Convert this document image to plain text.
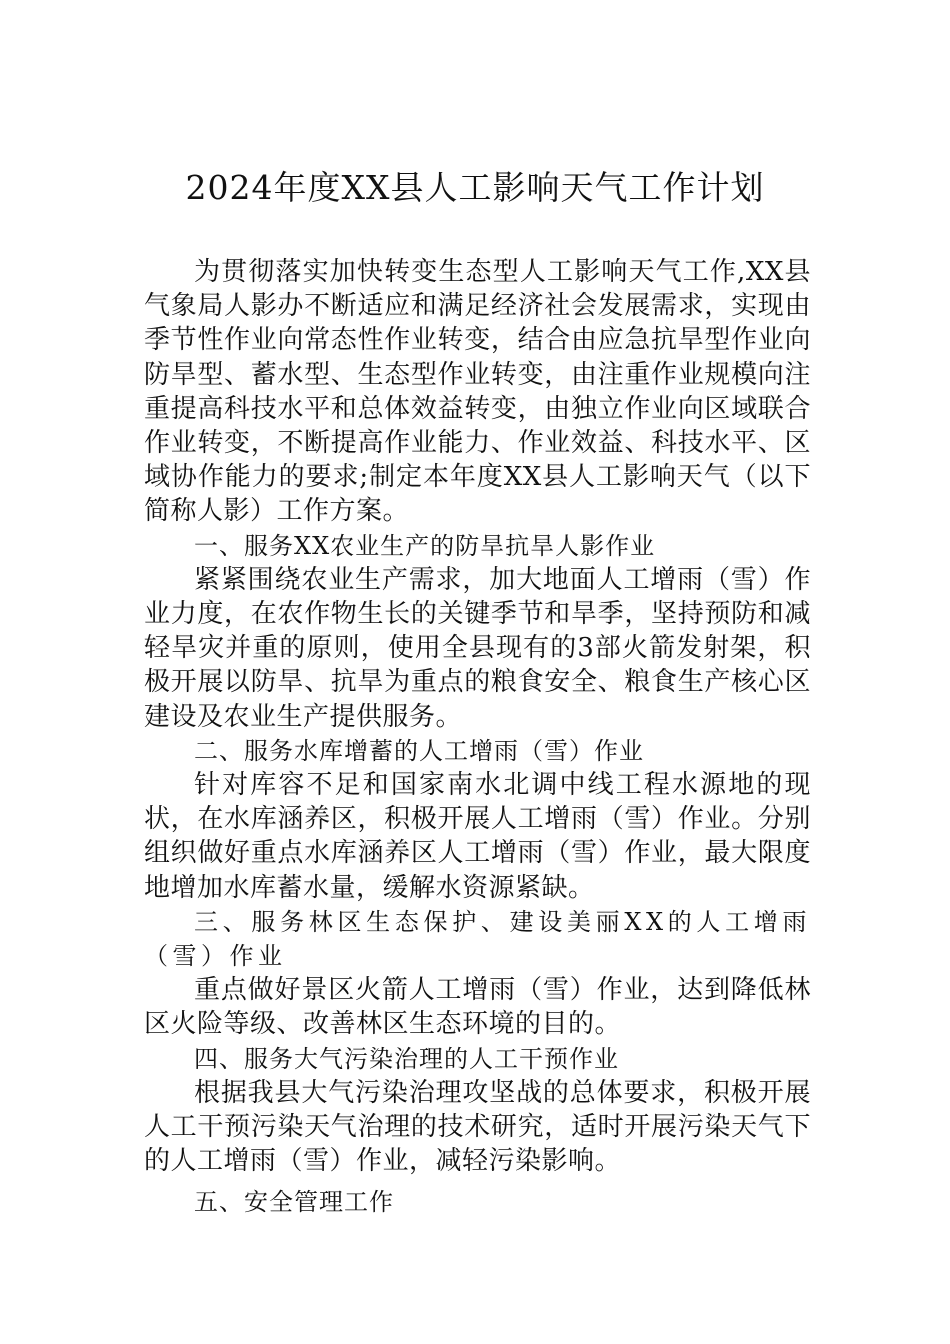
2024年度XX县人工影响天气工作计划

为贯彻落实加快转变生态型人工影响天气工作,XX县气象局人影办不断适应和满足经济社会发展需求，实现由季节性作业向常态性作业转变，结合由应急抗旱型作业向防旱型、蓄水型、生态型作业转变，由注重作业规模向注重提高科技水平和总体效益转变，由独立作业向区域联合作业转变，不断提高作业能力、作业效益、科技水平、区域协作能力的要求;制定本年度XX县人工影响天气（以下简称人影）工作方案。

一、服务XX农业生产的防旱抗旱人影作业

紧紧围绕农业生产需求，加大地面人工增雨（雪）作业力度，在农作物生长的关键季节和旱季，坚持预防和减轻旱灾并重的原则，使用全县现有的3部火箭发射架，积极开展以防旱、抗旱为重点的粮食安全、粮食生产核心区建设及农业生产提供服务。

二、服务水库增蓄的人工增雨（雪）作业

针对库容不足和国家南水北调中线工程水源地的现状，在水库涵养区，积极开展人工增雨（雪）作业。分别组织做好重点水库涵养区人工增雨（雪）作业，最大限度地增加水库蓄水量，缓解水资源紧缺。

三、服务林区生态保护、建设美丽XX的人工增雨（雪）作业

重点做好景区火箭人工增雨（雪）作业，达到降低林区火险等级、改善林区生态环境的目的。

四、服务大气污染治理的人工干预作业

根据我县大气污染治理攻坚战的总体要求，积极开展人工干预污染天气治理的技术研究，适时开展污染天气下的人工增雨（雪）作业，减轻污染影响。

五、安全管理工作
